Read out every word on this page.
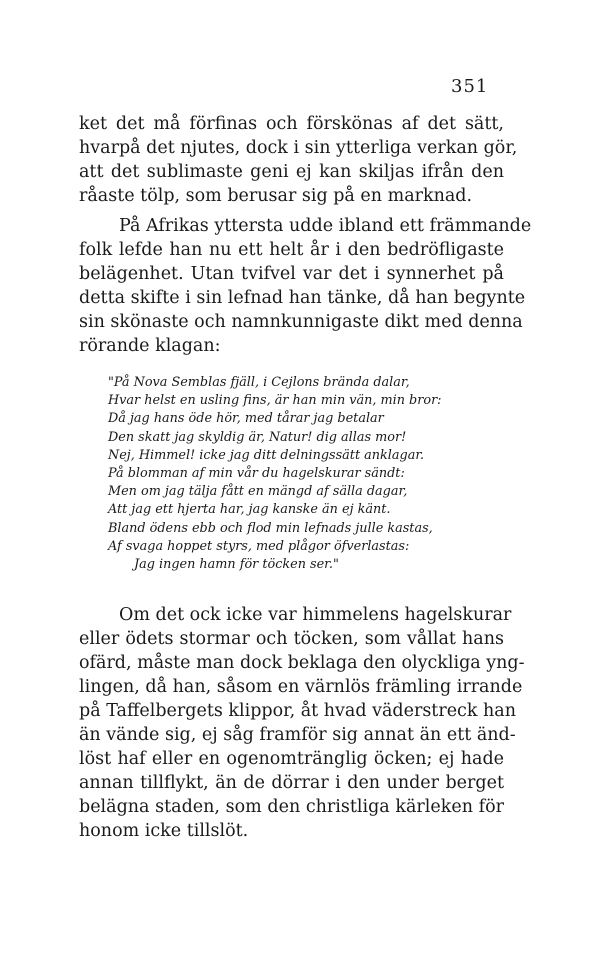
351
ket det må förfinas och förskönas af det sätt,
hvarpå det njutes, dock i sin ytterliga verkan gör,
att det sublimaste geni ej kan skiljas ifrån den
råaste tölp, som berusar sig på en marknad.
På Afrikas yttersta udde ibland ett främmande
folk lefde han nu ett helt år i den bedröfligaste
belägenhet. Utan tvifvel var det i synnerhet på
detta skifte i sin lefnad han tänke, då han begynte
sin skönaste och namnkunnigaste dikt med denna
rörande klagan:
"På Nova Semblas fjäll, i Cejlons brända dalar,
Hvar helst en usling fins, är han min vän, min bror:
Då jag hans öde hör, med tårar jag betalar
Den skatt jag skyldig är, Natur! dig allas mor!
Nej, Himmel! icke jag ditt delningssätt anklagar.
På blomman af min vår du hagelskurar sändt:
Men om jag tälja fått en mängd af sälla dagar,
Att jag ett hjerta har, jag kanske än ej känt.
Bland ödens ebb och flod min lefnads julle kastas,
Af svaga hoppet styrs, med plågor öfverlastas:
Jag ingen hamn för töcken ser."
Om det ock icke var himmelens hagelskurar
eller ödets stormar och töcken, som vållat hans
ofärd, måste man dock beklaga den olyckliga yng-
lingen, då han, såsom en värnlös främling irrande
på Taffelbergets klippor, åt hvad väderstreck han
än vände sig, ej såg framför sig annat än ett änd-
löst haf eller en ogenomtränglig öcken; ej hade
annan tillflykt, än de dörrar i den under berget
belägna staden, som den christliga kärleken för
honom icke tillslöt.
